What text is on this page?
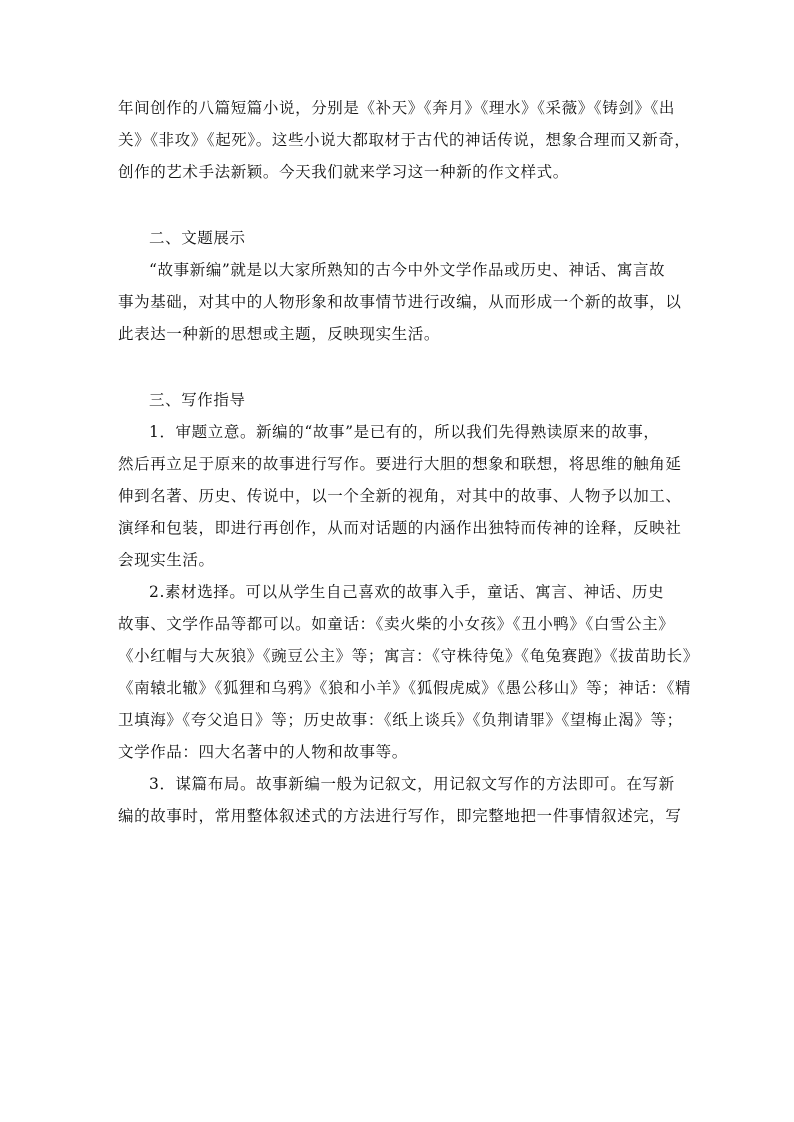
年间创作的八篇短篇小说，分别是《补天》《奔月》《理水》《采薇》《铸剑》《出
关》《非攻》《起死》。这些小说大都取材于古代的神话传说，想象合理而又新奇，
创作的艺术手法新颖。今天我们就来学习这一种新的作文样式。
二、文题展示
“故事新编”就是以大家所熟知的古今中外文学作品或历史、神话、寓言故
事为基础，对其中的人物形象和故事情节进行改编，从而形成一个新的故事，以
此表达一种新的思想或主题，反映现实生活。
三、写作指导
1．审题立意。新编的“故事”是已有的，所以我们先得熟读原来的故事，
然后再立足于原来的故事进行写作。要进行大胆的想象和联想，将思维的触角延
伸到名著、历史、传说中，以一个全新的视角，对其中的故事、人物予以加工、
演绎和包装，即进行再创作，从而对话题的内涵作出独特而传神的诠释，反映社
会现实生活。
2.素材选择。可以从学生自己喜欢的故事入手，童话、寓言、神话、历史
故事、文学作品等都可以。如童话：《卖火柴的小女孩》《丑小鸭》《白雪公主》
《小红帽与大灰狼》《豌豆公主》等；寓言：《守株待兔》《龟兔赛跑》《拔苗助长》
《南辕北辙》《狐狸和乌鸦》《狼和小羊》《狐假虎威》《愚公移山》等；神话：《精
卫填海》《夸父追日》等；历史故事：《纸上谈兵》《负荆请罪》《望梅止渴》等；
文学作品：四大名著中的人物和故事等。
3．谋篇布局。故事新编一般为记叙文，用记叙文写作的方法即可。在写新
编的故事时，常用整体叙述式的方法进行写作，即完整地把一件事情叙述完，写
